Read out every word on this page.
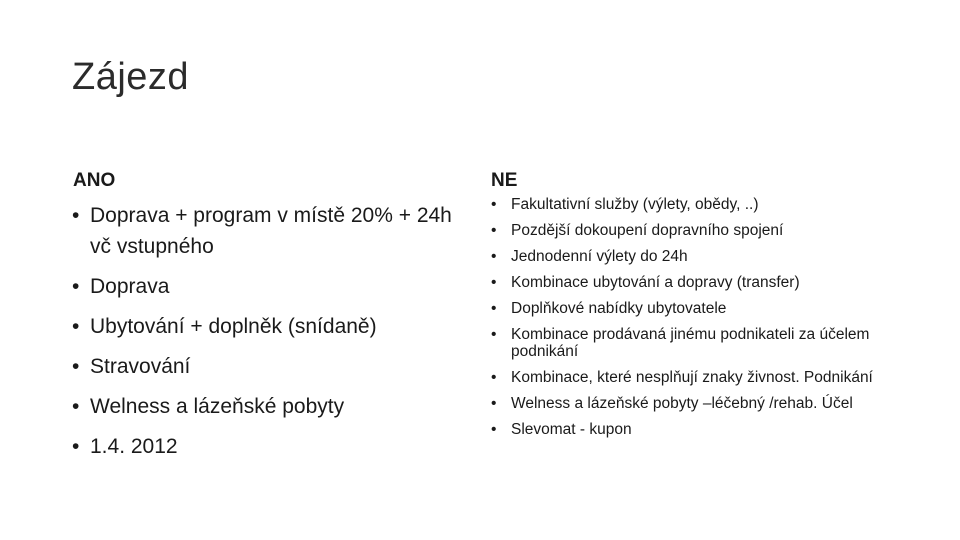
Zájezd
ANO	NE
• Doprava + program v místě 20% + 24h vč vstupného
• Doprava
• Ubytování + doplněk (snídaně)
• Stravování
• Welness a lázeňské pobyty
• 1.4. 2012
• Fakultativní služby (výlety, obědy, ..)
• Pozdější dokoupení dopravního spojení
• Jednodenní výlety do 24h
• Kombinace ubytování a dopravy (transfer)
• Doplňkové nabídky ubytovatele
• Kombinace prodávaná jinému podnikateli za účelem podnikání
• Kombinace, které nesplňují znaky živnost. Podnikání
• Welness a lázeňské pobyty –léčebný /rehab. Účel
• Slevomat - kupon
